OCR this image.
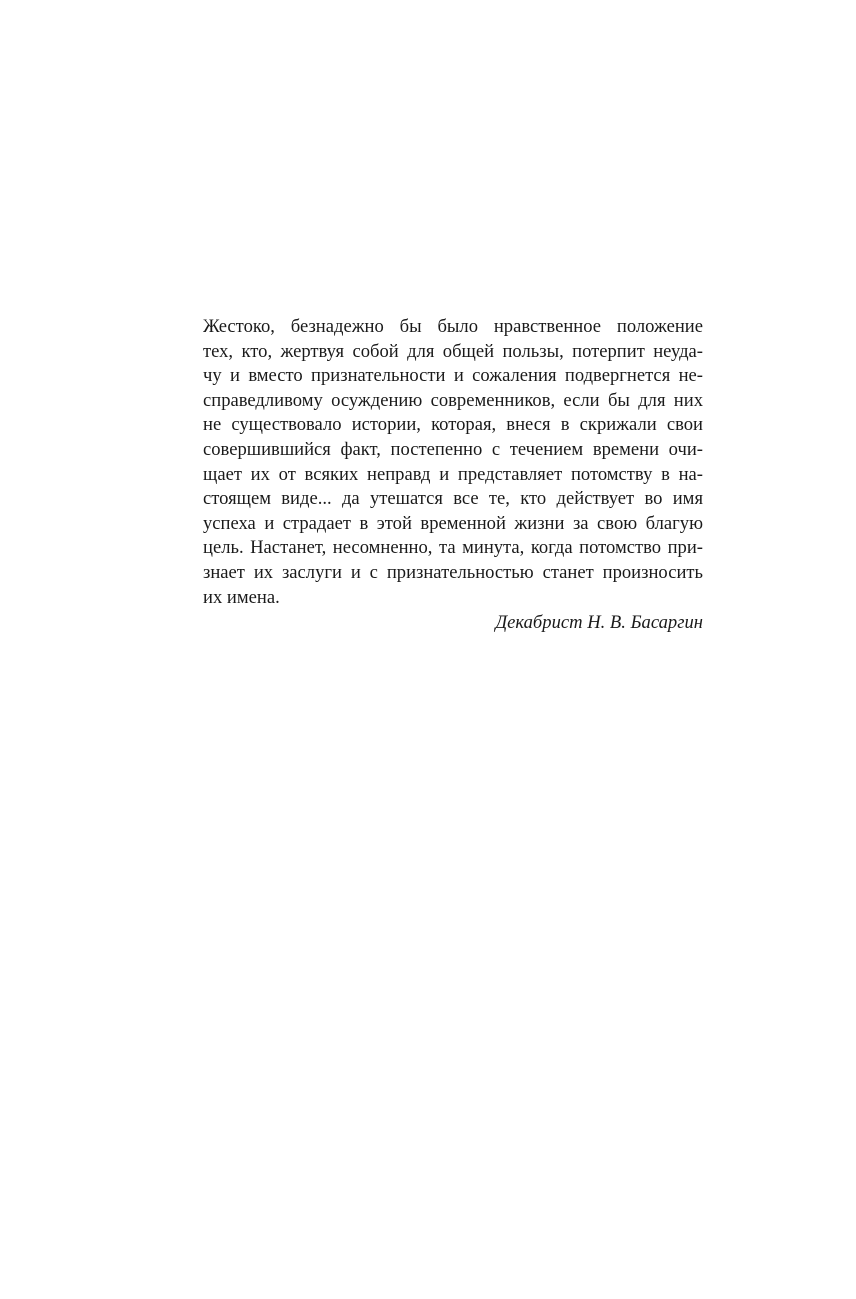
Жестоко, безнадежно бы было нравственное положение
тех, кто, жертвуя собой для общей пользы, потерпит неуда-
чу и вместо признательности и сожаления подвергнется не-
справедливому осуждению современников, если бы для них
не существовало истории, которая, внеся в скрижали свои
совершившийся факт, постепенно с течением времени очи-
щает их от всяких неправд и представляет потомству в на-
стоящем виде... да утешатся все те, кто действует во имя
успеха и страдает в этой временной жизни за свою благую
цель. Настанет, несомненно, та минута, когда потомство при-
знает их заслуги и с признательностью станет произносить
их имена.
Декабрист Н. В. Басаргин
